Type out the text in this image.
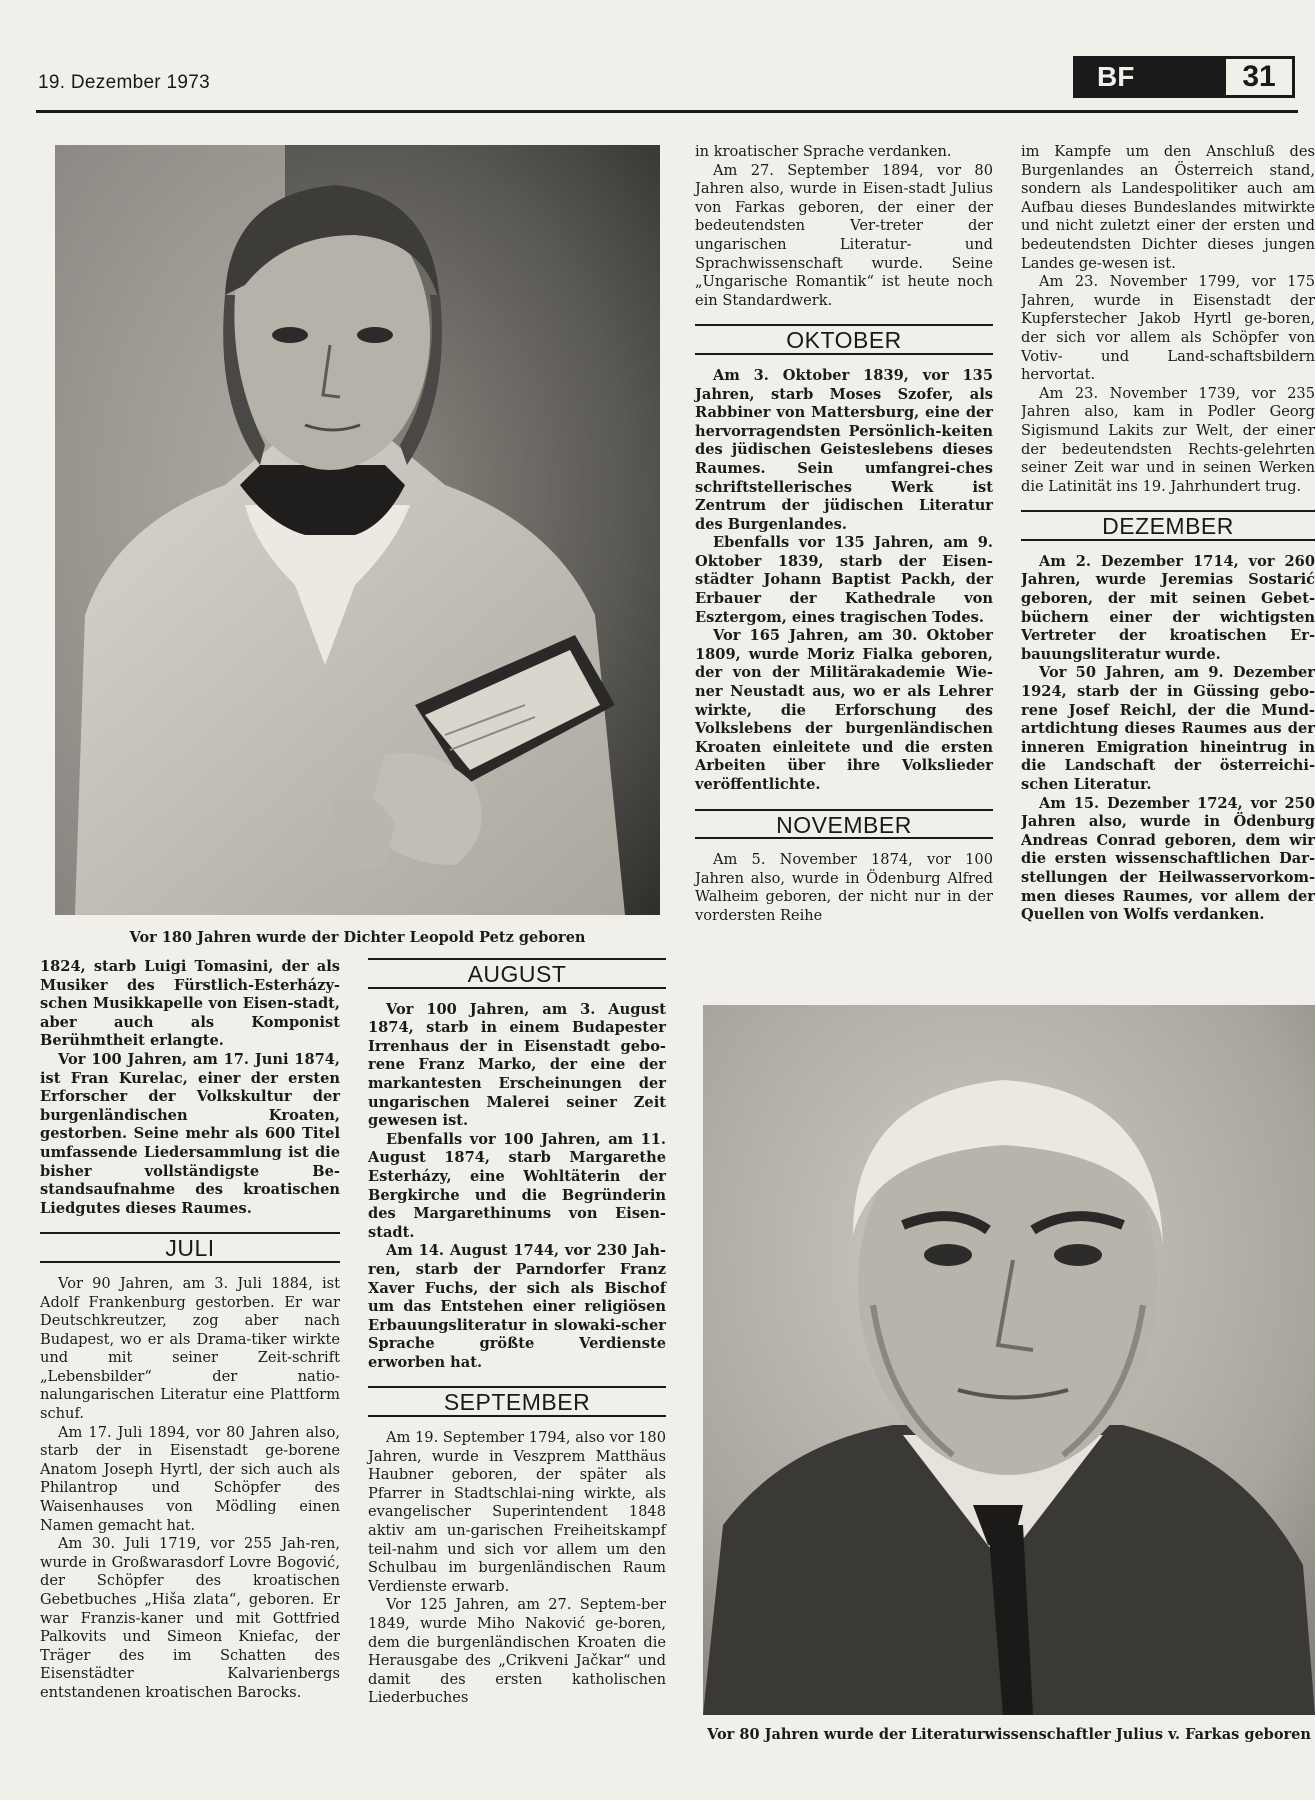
19. Dezember 1973	BF	31
Vor 180 Jahren wurde der Dichter Leopold Petz geboren

1824, starb Luigi Tomasini, der als Musiker des Fürstlich-Esterházy-schen Musikkapelle von Eisen-stadt, aber auch als Komponist Berühmtheit erlangte.

Vor 100 Jahren, am 17. Juni 1874, ist Fran Kurelac, einer der ersten Erforscher der Volkskultur der burgenländischen Kroaten, gestorben. Seine mehr als 600 Titel umfassende Liedersammlung ist die bisher vollständigste Be-standsaufnahme des kroatischen Liedgutes dieses Raumes.

JULI

Vor 90 Jahren, am 3. Juli 1884, ist Adolf Frankenburg gestorben. Er war Deutschkreutzer, zog aber nach Budapest, wo er als Drama-tiker wirkte und mit seiner Zeit-schrift „Lebensbilder“ der natio-nalungarischen Literatur eine Plattform schuf.

Am 17. Juli 1894, vor 80 Jahren also, starb der in Eisenstadt ge-borene Anatom Joseph Hyrtl, der sich auch als Philantrop und Schöpfer des Waisenhauses von Mödling einen Namen gemacht hat.

Am 30. Juli 1719, vor 255 Jah-ren, wurde in Großwarasdorf Lovre Bogović, der Schöpfer des kroatischen Gebetbuches „Hiša zlata“, geboren. Er war Franzis-kaner und mit Gottfried Palkovits und Simeon Kniefac, der Träger des im Schatten des Eisenstädter Kalvarienbergs entstandenen kroatischen Barocks.

AUGUST

Vor 100 Jahren, am 3. August 1874, starb in einem Budapester Irrenhaus der in Eisenstadt gebo-rene Franz Marko, der eine der markantesten Erscheinungen der ungarischen Malerei seiner Zeit gewesen ist.

Ebenfalls vor 100 Jahren, am 11. August 1874, starb Margarethe Esterházy, eine Wohltäterin der Bergkirche und die Begründerin des Margarethinums von Eisen-stadt.

Am 14. August 1744, vor 230 Jah-ren, starb der Parndorfer Franz Xaver Fuchs, der sich als Bischof um das Entstehen einer religiösen Erbauungsliteratur in slowaki-scher Sprache größte Verdienste erworben hat.

SEPTEMBER

Am 19. September 1794, also vor 180 Jahren, wurde in Veszprem Matthäus Haubner geboren, der später als Pfarrer in Stadtschlai-ning wirkte, als evangelischer Superintendent 1848 aktiv am un-garischen Freiheitskampf teil-nahm und sich vor allem um den Schulbau im burgenländischen Raum Verdienste erwarb.

Vor 125 Jahren, am 27. Septem-ber 1849, wurde Miho Naković ge-boren, dem die burgenländischen Kroaten die Herausgabe des „Crikveni Jačkar“ und damit des ersten katholischen Liederbuches

in kroatischer Sprache verdanken.

Am 27. September 1894, vor 80 Jahren also, wurde in Eisen-stadt Julius von Farkas geboren, der einer der bedeutendsten Ver-treter der ungarischen Literatur- und Sprachwissenschaft wurde. Seine „Ungarische Romantik“ ist heute noch ein Standardwerk.

OKTOBER

Am 3. Oktober 1839, vor 135 Jahren, starb Moses Szofer, als Rabbiner von Mattersburg, eine der hervorragendsten Persönlich-keiten des jüdischen Geisteslebens dieses Raumes. Sein umfangrei-ches schriftstellerisches Werk ist Zentrum der jüdischen Literatur des Burgenlandes.

Ebenfalls vor 135 Jahren, am 9. Oktober 1839, starb der Eisen-städter Johann Baptist Packh, der Erbauer der Kathedrale von Esztergom, eines tragischen Todes.

Vor 165 Jahren, am 30. Oktober 1809, wurde Moriz Fialka geboren, der von der Militärakademie Wie-ner Neustadt aus, wo er als Lehrer wirkte, die Erforschung des Volkslebens der burgenländischen Kroaten einleitete und die ersten Arbeiten über ihre Volkslieder veröffentlichte.

NOVEMBER

Am 5. November 1874, vor 100 Jahren also, wurde in Ödenburg Alfred Walheim geboren, der nicht nur in der vordersten Reihe

im Kampfe um den Anschluß des Burgenlandes an Österreich stand, sondern als Landespolitiker auch am Aufbau dieses Bundeslandes mitwirkte und nicht zuletzt einer der ersten und bedeutendsten Dichter dieses jungen Landes ge-wesen ist.

Am 23. November 1799, vor 175 Jahren, wurde in Eisenstadt der Kupferstecher Jakob Hyrtl ge-boren, der sich vor allem als Schöpfer von Votiv- und Land-schaftsbildern hervortat.

Am 23. November 1739, vor 235 Jahren also, kam in Podler Georg Sigismund Lakits zur Welt, der einer der bedeutendsten Rechts-gelehrten seiner Zeit war und in seinen Werken die Latinität ins 19. Jahrhundert trug.

DEZEMBER

Am 2. Dezember 1714, vor 260 Jahren, wurde Jeremias Sostarić geboren, der mit seinen Gebet-büchern einer der wichtigsten Vertreter der kroatischen Er-bauungsliteratur wurde.

Vor 50 Jahren, am 9. Dezember 1924, starb der in Güssing gebo-rene Josef Reichl, der die Mund-artdichtung dieses Raumes aus der inneren Emigration hineintrug in die Landschaft der österreichi-schen Literatur.

Am 15. Dezember 1724, vor 250 Jahren also, wurde in Ödenburg Andreas Conrad geboren, dem wir die ersten wissenschaftlichen Dar-stellungen der Heilwasservorkom-men dieses Raumes, vor allem der Quellen von Wolfs verdanken.

Vor 80 Jahren wurde der Literaturwissenschaftler Julius v. Farkas geboren
